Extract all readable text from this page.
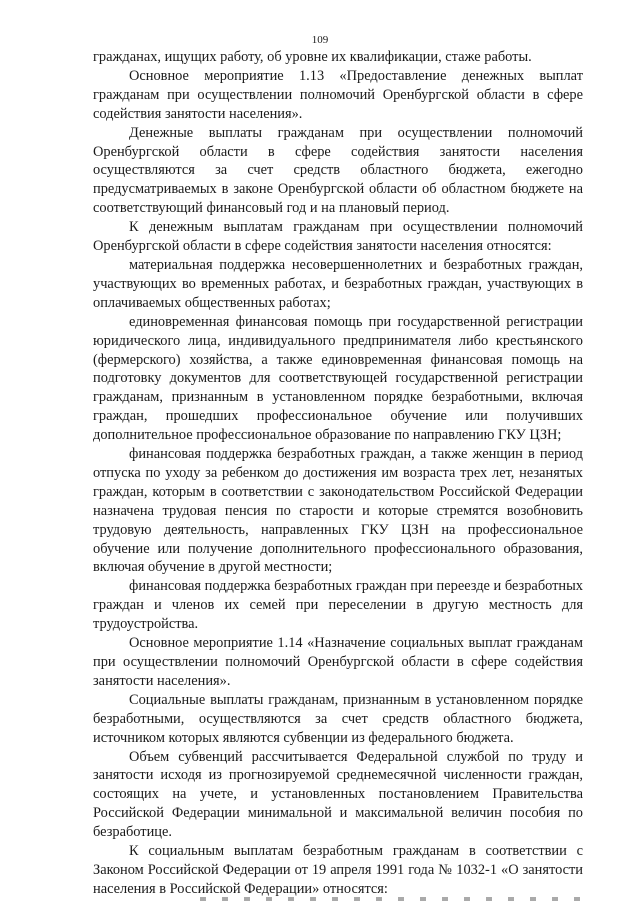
109

гражданах, ищущих работу, об уровне их квалификации, стаже работы.

Основное мероприятие 1.13 «Предоставление денежных выплат гражданам при осуществлении полномочий Оренбургской области в сфере содействия занятости населения».

Денежные выплаты гражданам при осуществлении полномочий Оренбургской области в сфере содействия занятости населения осуществляются за счет средств областного бюджета, ежегодно предусматриваемых в законе Оренбургской области об областном бюджете на соответствующий финансовый год и на плановый период.

К денежным выплатам гражданам при осуществлении полномочий Оренбургской области в сфере содействия занятости населения относятся:

материальная поддержка несовершеннолетних и безработных граждан, участвующих во временных работах, и безработных граждан, участвующих в оплачиваемых общественных работах;

единовременная финансовая помощь при государственной регистрации юридического лица, индивидуального предпринимателя либо крестьянского (фермерского) хозяйства, а также единовременная финансовая помощь на подготовку документов для соответствующей государственной регистрации гражданам, признанным в установленном порядке безработными, включая граждан, прошедших профессиональное обучение или получивших дополнительное профессиональное образование по направлению ГКУ ЦЗН;

финансовая поддержка безработных граждан, а также женщин в период отпуска по уходу за ребенком до достижения им возраста трех лет, незанятых граждан, которым в соответствии с законодательством Российской Федерации назначена трудовая пенсия по старости и которые стремятся возобновить трудовую деятельность, направленных ГКУ ЦЗН на профессиональное обучение или получение дополнительного профессионального образования, включая обучение в другой местности;

финансовая поддержка безработных граждан при переезде и безработных граждан и членов их семей при переселении в другую местность для трудоустройства.

Основное мероприятие 1.14 «Назначение социальных выплат гражданам при осуществлении полномочий Оренбургской области в сфере содействия занятости населения».

Социальные выплаты гражданам, признанным в установленном порядке безработными, осуществляются за счет средств областного бюджета, источником которых являются субвенции из федерального бюджета.

Объем субвенций рассчитывается Федеральной службой по труду и занятости исходя из прогнозируемой среднемесячной численности граждан, состоящих на учете, и установленных постановлением Правительства Российской Федерации минимальной и максимальной величин пособия по безработице.

К социальным выплатам безработным гражданам в соответствии с Законом Российской Федерации от 19 апреля 1991 года № 1032-1 «О занятости населения в Российской Федерации» относятся:
